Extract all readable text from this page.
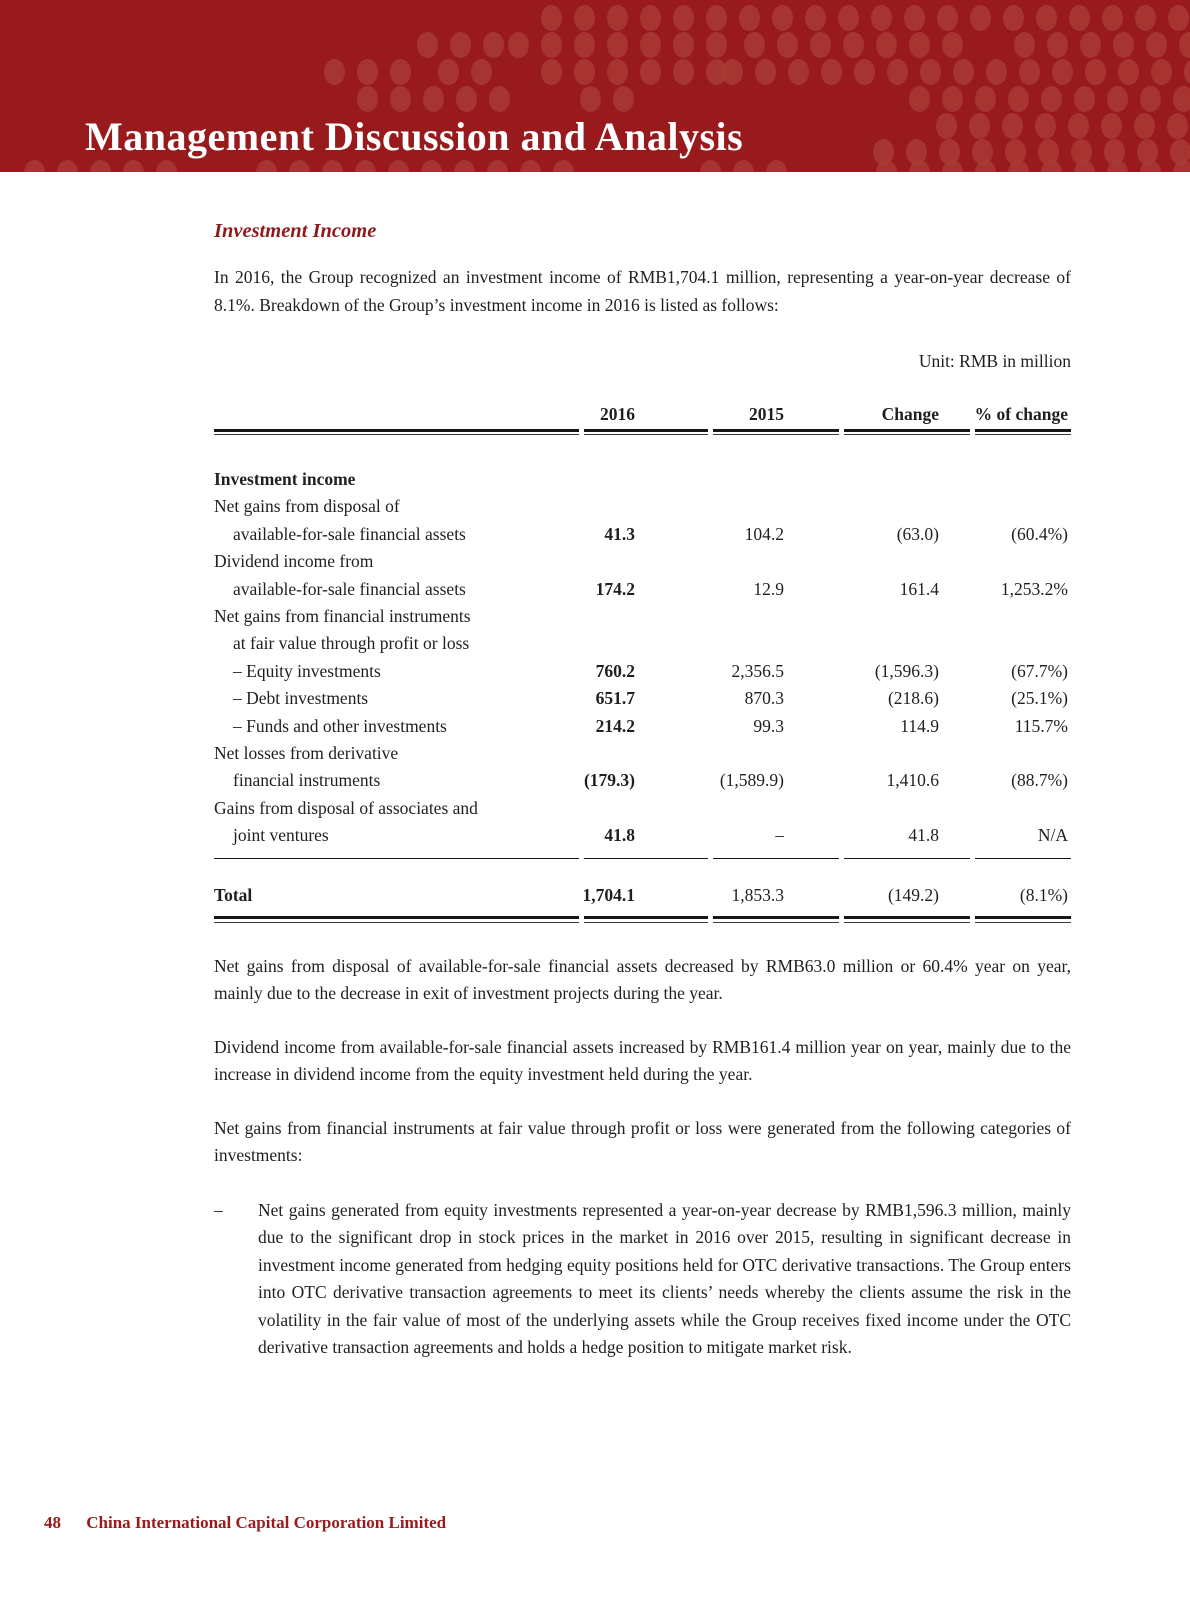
Management Discussion and Analysis
Investment Income

In 2016, the Group recognized an investment income of RMB1,704.1 million, representing a year-on-year decrease of 8.1%. Breakdown of the Group’s investment income in 2016 is listed as follows:

Unit: RMB in million
2016	2015	Change	% of change
Investment income
Net gains from disposal of
available-for-sale financial assets	41.3	104.2	(63.0)	(60.4%)
Dividend income from
available-for-sale financial assets	174.2	12.9	161.4	1,253.2%
Net gains from financial instruments
at fair value through profit or loss
– Equity investments	760.2	2,356.5	(1,596.3)	(67.7%)
– Debt investments	651.7	870.3	(218.6)	(25.1%)
– Funds and other investments	214.2	99.3	114.9	115.7%
Net losses from derivative
financial instruments	(179.3)	(1,589.9)	1,410.6	(88.7%)
Gains from disposal of associates and
joint ventures	41.8	–	41.8	N/A
Total	1,704.1	1,853.3	(149.2)	(8.1%)

Net gains from disposal of available-for-sale financial assets decreased by RMB63.0 million or 60.4% year on year, mainly due to the decrease in exit of investment projects during the year.

Dividend income from available-for-sale financial assets increased by RMB161.4 million year on year, mainly due to the increase in dividend income from the equity investment held during the year.

Net gains from financial instruments at fair value through profit or loss were generated from the following categories of investments:

–	Net gains generated from equity investments represented a year-on-year decrease by RMB1,596.3 million, mainly due to the significant drop in stock prices in the market in 2016 over 2015, resulting in significant decrease in investment income generated from hedging equity positions held for OTC derivative transactions. The Group enters into OTC derivative transaction agreements to meet its clients’ needs whereby the clients assume the risk in the volatility in the fair value of most of the underlying assets while the Group receives fixed income under the OTC derivative transaction agreements and holds a hedge position to mitigate market risk.

48 China International Capital Corporation Limited
